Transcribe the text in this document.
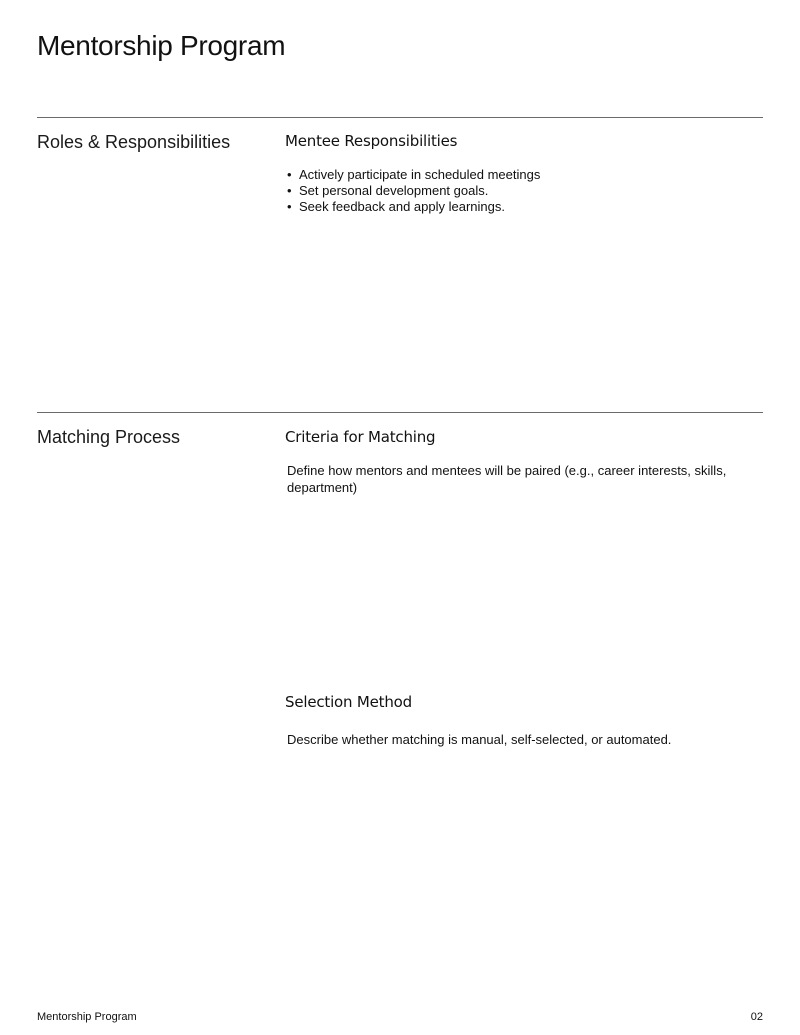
Mentorship Program
Roles & Responsibilities	Mentee Responsibilities
• Actively participate in scheduled meetings
• Set personal development goals.
• Seek feedback and apply learnings.
Matching Process	Criteria for Matching

Define how mentors and mentees will be paired (e.g., career interests, skills, department)

Selection Method

Describe whether matching is manual, self-selected, or automated.

Mentorship Program	02
